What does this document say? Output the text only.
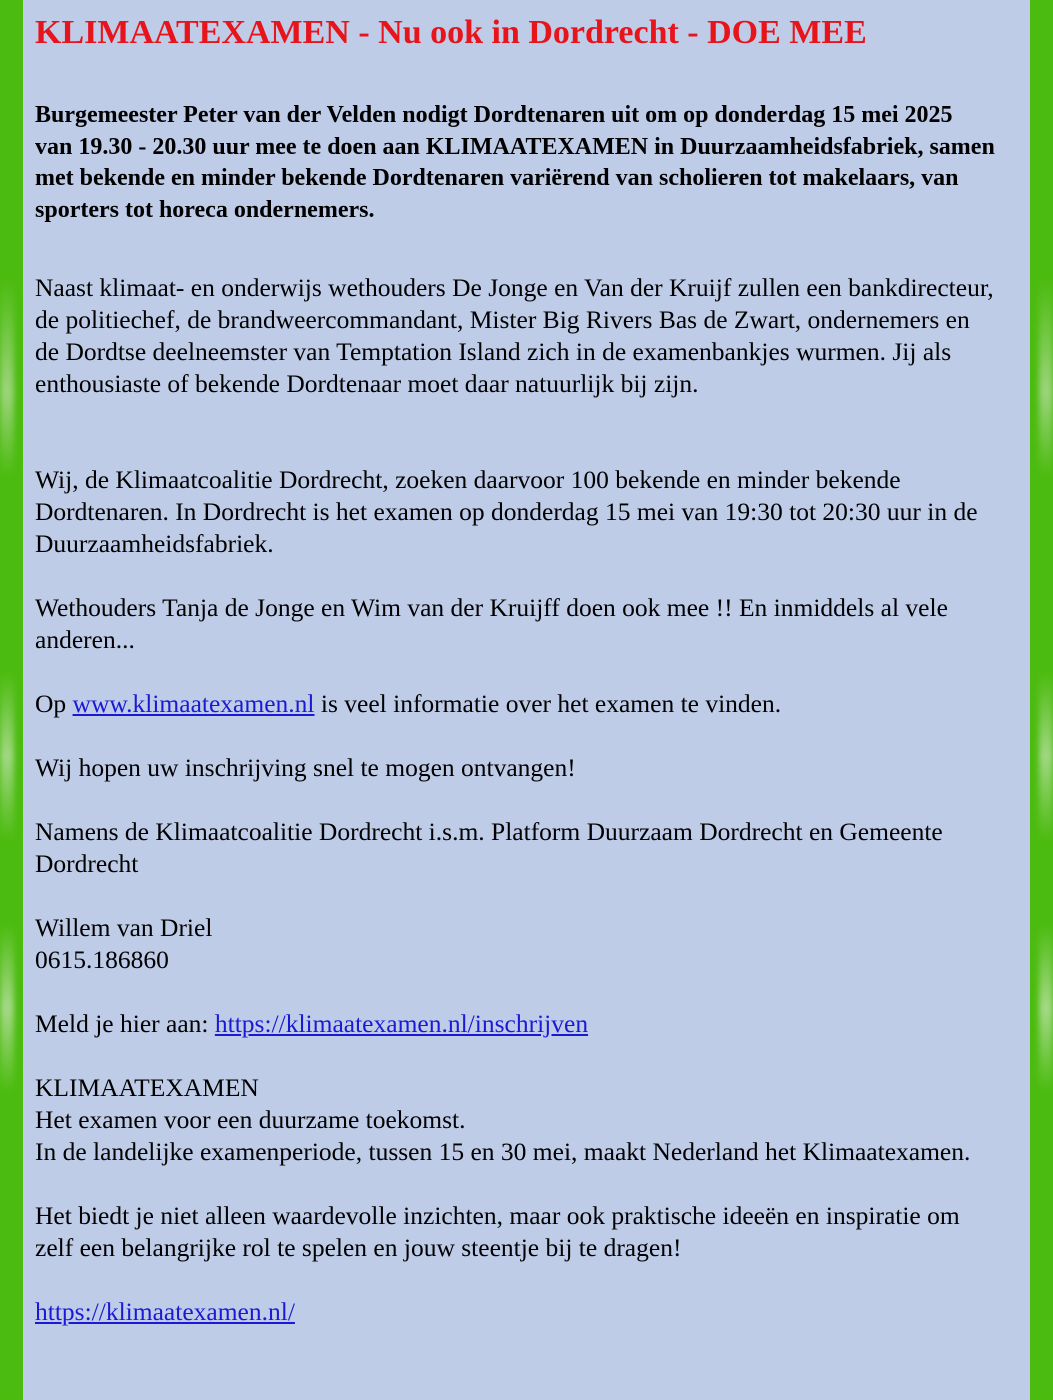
KLIMAATEXAMEN - Nu ook in Dordrecht - DOE MEE

Burgemeester Peter van der Velden nodigt Dordtenaren uit om op donderdag 15 mei 2025 van 19.30 - 20.30 uur mee te doen aan KLIMAATEXAMEN in Duurzaamheidsfabriek, samen met bekende en minder bekende Dordtenaren variërend van scholieren tot makelaars, van sporters tot horeca ondernemers.

Naast klimaat- en onderwijs wethouders De Jonge en Van der Kruijf zullen een bankdirecteur, de politiechef, de brandweercommandant, Mister Big Rivers Bas de Zwart, ondernemers en de Dordtse deelneemster van Temptation Island zich in de examenbankjes wurmen. Jij als enthousiaste of bekende Dordtenaar moet daar natuurlijk bij zijn.

Wij, de Klimaatcoalitie Dordrecht, zoeken daarvoor 100 bekende en minder bekende Dordtenaren. In Dordrecht is het examen op donderdag 15 mei van 19:30 tot 20:30 uur in de Duurzaamheidsfabriek.

Wethouders Tanja de Jonge en Wim van der Kruijff doen ook mee !! En inmiddels al vele anderen...

Op www.klimaatexamen.nl is veel informatie over het examen te vinden.

Wij hopen uw inschrijving snel te mogen ontvangen!

Namens de Klimaatcoalitie Dordrecht i.s.m. Platform Duurzaam Dordrecht en Gemeente Dordrecht

Willem van Driel
0615.186860

Meld je hier aan: https://klimaatexamen.nl/inschrijven

KLIMAATEXAMEN
Het examen voor een duurzame toekomst.
In de landelijke examenperiode, tussen 15 en 30 mei, maakt Nederland het Klimaatexamen.

Het biedt je niet alleen waardevolle inzichten, maar ook praktische ideeën en inspiratie om zelf een belangrijke rol te spelen en jouw steentje bij te dragen!

https://klimaatexamen.nl/
